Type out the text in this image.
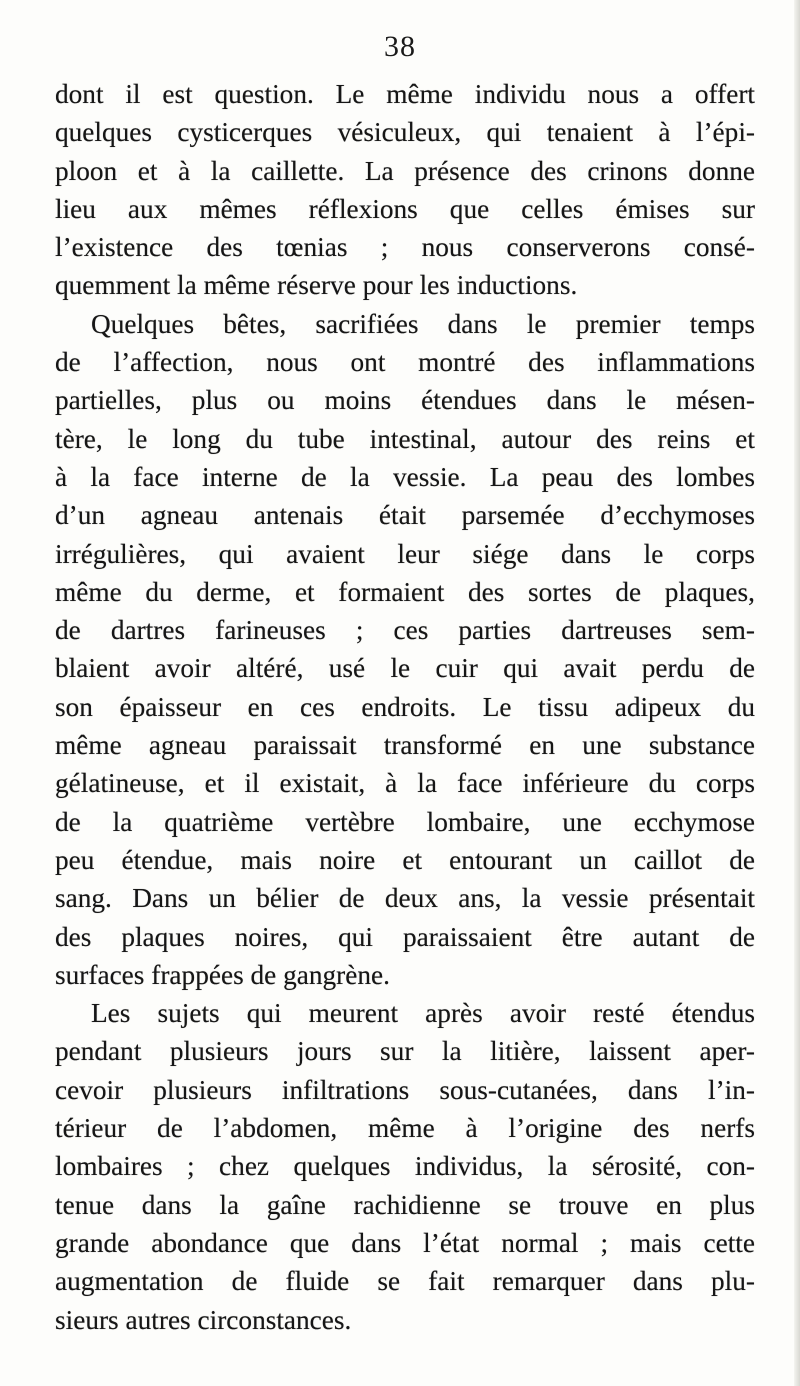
38
dont il est question. Le même individu nous a offert
quelques cysticerques vésiculeux, qui tenaient à l’épi-
ploon et à la caillette. La présence des crinons donne
lieu aux mêmes réflexions que celles émises sur
l’existence des tœnias ; nous conserverons consé-
quemment la même réserve pour les inductions.
Quelques bêtes, sacrifiées dans le premier temps
de l’affection, nous ont montré des inflammations
partielles, plus ou moins étendues dans le mésen-
tère, le long du tube intestinal, autour des reins et
à la face interne de la vessie. La peau des lombes
d’un agneau antenais était parsemée d’ecchymoses
irrégulières, qui avaient leur siége dans le corps
même du derme, et formaient des sortes de plaques,
de dartres farineuses ; ces parties dartreuses sem-
blaient avoir altéré, usé le cuir qui avait perdu de
son épaisseur en ces endroits. Le tissu adipeux du
même agneau paraissait transformé en une substance
gélatineuse, et il existait, à la face inférieure du corps
de la quatrième vertèbre lombaire, une ecchymose
peu étendue, mais noire et entourant un caillot de
sang. Dans un bélier de deux ans, la vessie présentait
des plaques noires, qui paraissaient être autant de
surfaces frappées de gangrène.
Les sujets qui meurent après avoir resté étendus
pendant plusieurs jours sur la litière, laissent aper-
cevoir plusieurs infiltrations sous-cutanées, dans l’in-
térieur de l’abdomen, même à l’origine des nerfs
lombaires ; chez quelques individus, la sérosité, con-
tenue dans la gaîne rachidienne se trouve en plus
grande abondance que dans l’état normal ; mais cette
augmentation de fluide se fait remarquer dans plu-
sieurs autres circonstances.
